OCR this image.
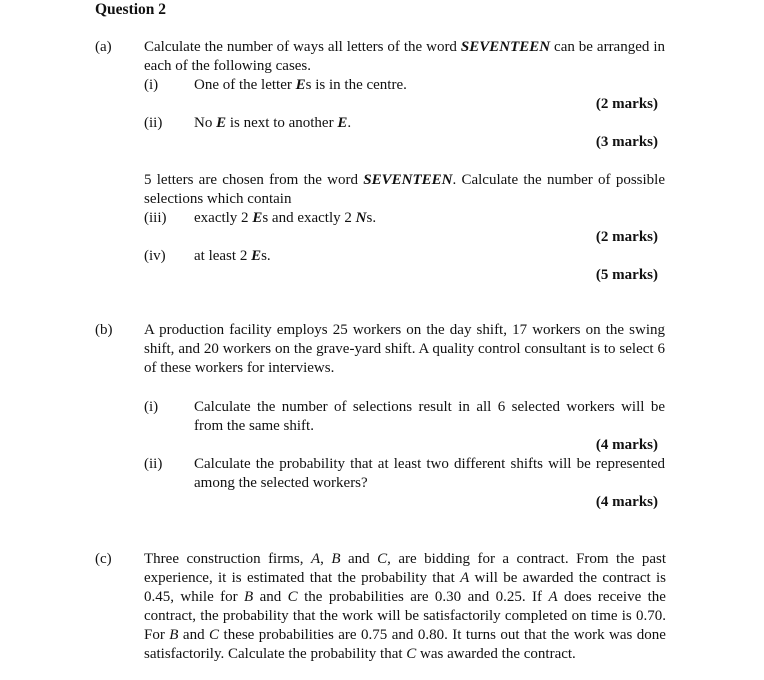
Question 2
(a) Calculate the number of ways all letters of the word SEVENTEEN can be arranged in each of the following cases.
(i) One of the letter Es is in the centre.
(2 marks)
(ii) No E is next to another E.
(3 marks)
5 letters are chosen from the word SEVENTEEN. Calculate the number of possible selections which contain
(iii) exactly 2 Es and exactly 2 Ns.
(2 marks)
(iv) at least 2 Es.
(5 marks)
(b) A production facility employs 25 workers on the day shift, 17 workers on the swing shift, and 20 workers on the grave-yard shift. A quality control consultant is to select 6 of these workers for interviews.
(i) Calculate the number of selections result in all 6 selected workers will be from the same shift.
(4 marks)
(ii) Calculate the probability that at least two different shifts will be represented among the selected workers?
(4 marks)
(c) Three construction firms, A, B and C, are bidding for a contract. From the past experience, it is estimated that the probability that A will be awarded the contract is 0.45, while for B and C the probabilities are 0.30 and 0.25. If A does receive the contract, the probability that the work will be satisfactorily completed on time is 0.70. For B and C these probabilities are 0.75 and 0.80. It turns out that the work was done satisfactorily. Calculate the probability that C was awarded the contract.
